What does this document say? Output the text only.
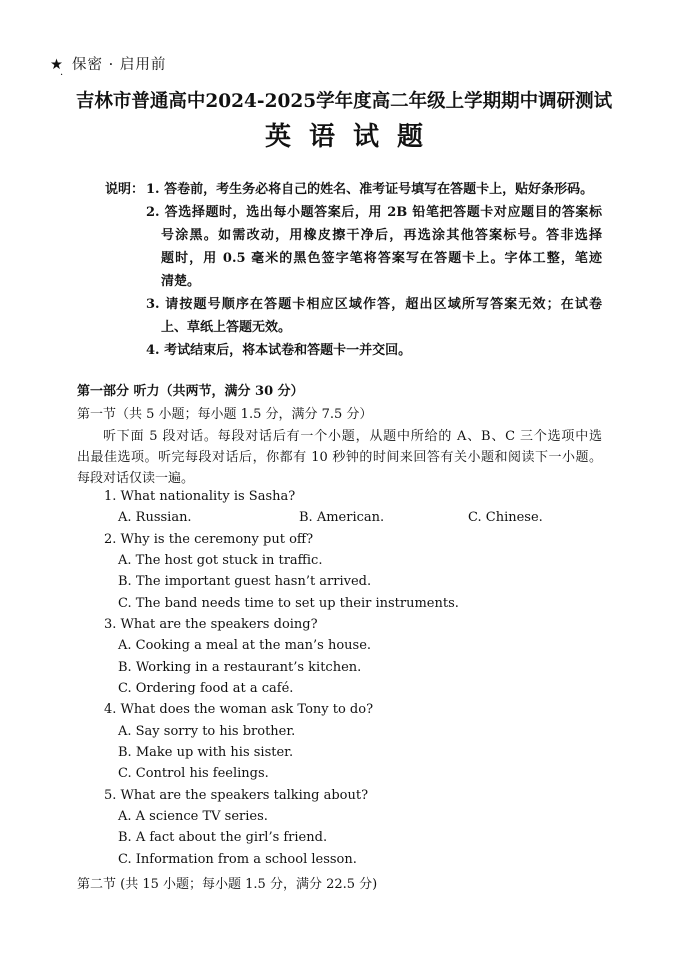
★ 保密 · 启用前
·
吉林市普通高中2024-2025学年度高二年级上学期期中调研测试
英语试题
说明： 1. 答卷前，考生务必将自己的姓名、准考证号填写在答题卡上，贴好条形码。
2. 答选择题时，选出每小题答案后，用 2B 铅笔把答题卡对应题目的答案标
号涂黑。如需改动，用橡皮擦干净后，再选涂其他答案标号。答非选择
题时，用 0.5 毫米的黑色签字笔将答案写在答题卡上。字体工整，笔迹
清楚。
3. 请按题号顺序在答题卡相应区域作答，超出区域所写答案无效；在试卷
上、草纸上答题无效。
4. 考试结束后，将本试卷和答题卡一并交回。
第一部分 听力（共两节，满分 30 分）
第一节（共 5 小题；每小题 1.5 分，满分 7.5 分）
听下面 5 段对话。每段对话后有一个小题，从题中所给的 A、B、C 三个选项中选
出最佳选项。听完每段对话后，你都有 10 秒钟的时间来回答有关小题和阅读下一小题。
每段对话仅读一遍。
1. What nationality is Sasha?
A. Russian.	B. American.	C. Chinese.
2. Why is the ceremony put off?
A. The host got stuck in traffic.
B. The important guest hasn’t arrived.
C. The band needs time to set up their instruments.
3. What are the speakers doing?
A. Cooking a meal at the man’s house.
B. Working in a restaurant’s kitchen.
C. Ordering food at a café.
4. What does the woman ask Tony to do?
A. Say sorry to his brother.
B. Make up with his sister.
C. Control his feelings.
5. What are the speakers talking about?
A. A science TV series.
B. A fact about the girl’s friend.
C. Information from a school lesson.
第二节 (共 15 小题；每小题 1.5 分，满分 22.5 分)
